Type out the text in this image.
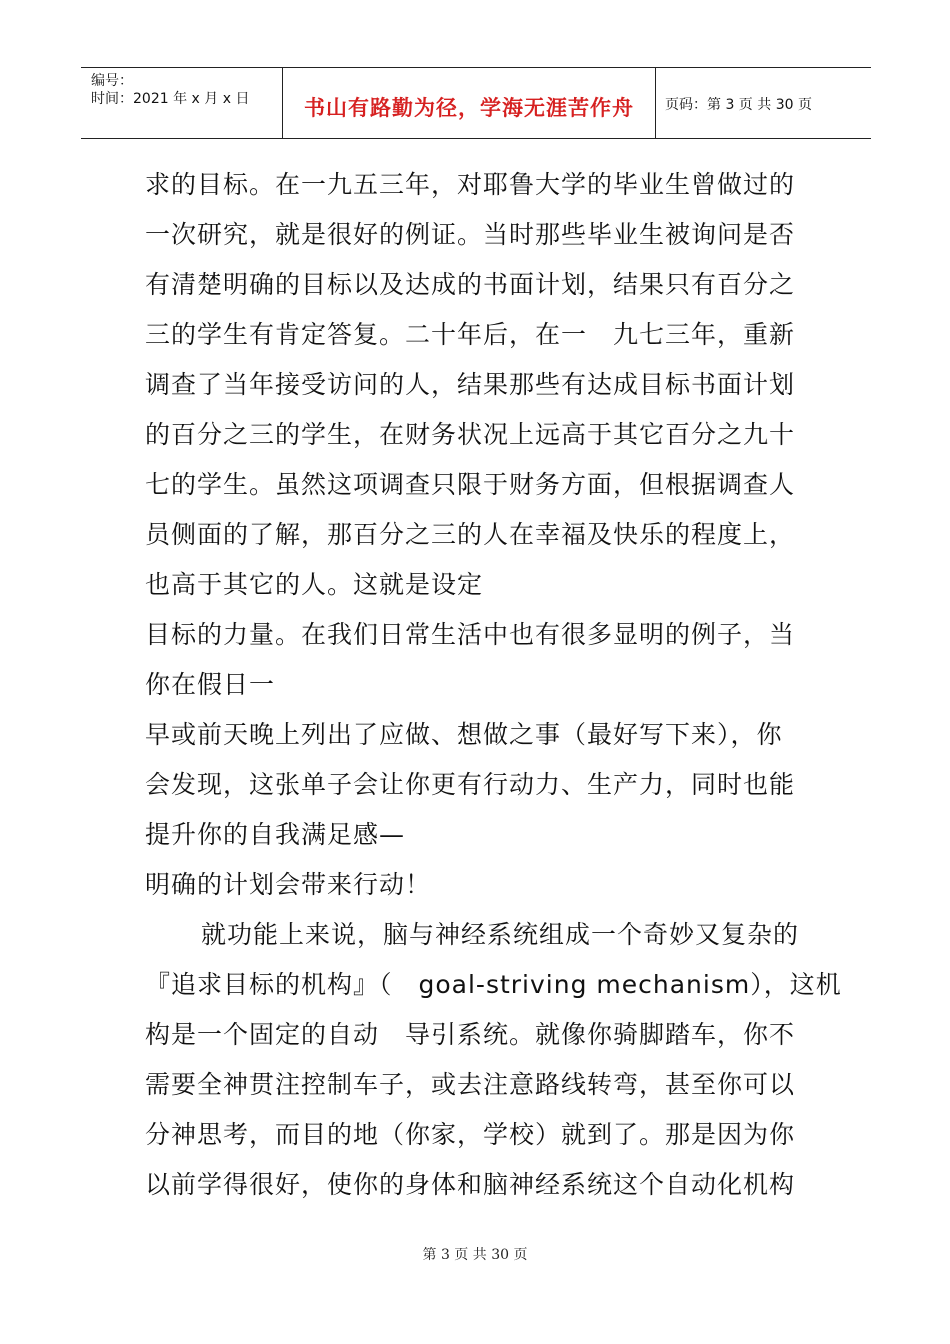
编号：
时间：2021 年 x 月 x 日	书山有路勤为径，学海无涯苦作舟	页码：第 3 页 共 30 页
求的目标。在一九五三年，对耶鲁大学的毕业生曾做过的
一次研究，就是很好的例证。当时那些毕业生被询问是否
有清楚明确的目标以及达成的书面计划，结果只有百分之
三的学生有肯定答复。二十年后，在一　九七三年，重新
调查了当年接受访问的人，结果那些有达成目标书面计划
的百分之三的学生，在财务状况上远高于其它百分之九十
七的学生。虽然这项调查只限于财务方面，但根据调查人
员侧面的了解，那百分之三的人在幸福及快乐的程度上，
也高于其它的人。这就是设定
目标的力量。在我们日常生活中也有很多显明的例子，当
你在假日一
早或前天晚上列出了应做、想做之事（最好写下来），你
会发现，这张单子会让你更有行动力、生产力，同时也能
提升你的自我满足感—
明确的计划会带来行动！
就功能上来说，脑与神经系统组成一个奇妙又复杂的
『追求目标的机构』（　goal-striving mechanism），这机
构是一个固定的自动　导引系统。就像你骑脚踏车，你不
需要全神贯注控制车子，或去注意路线转弯，甚至你可以
分神思考，而目的地（你家，学校）就到了。那是因为你
以前学得很好，使你的身体和脑神经系统这个自动化机构
第 3 页 共 30 页
